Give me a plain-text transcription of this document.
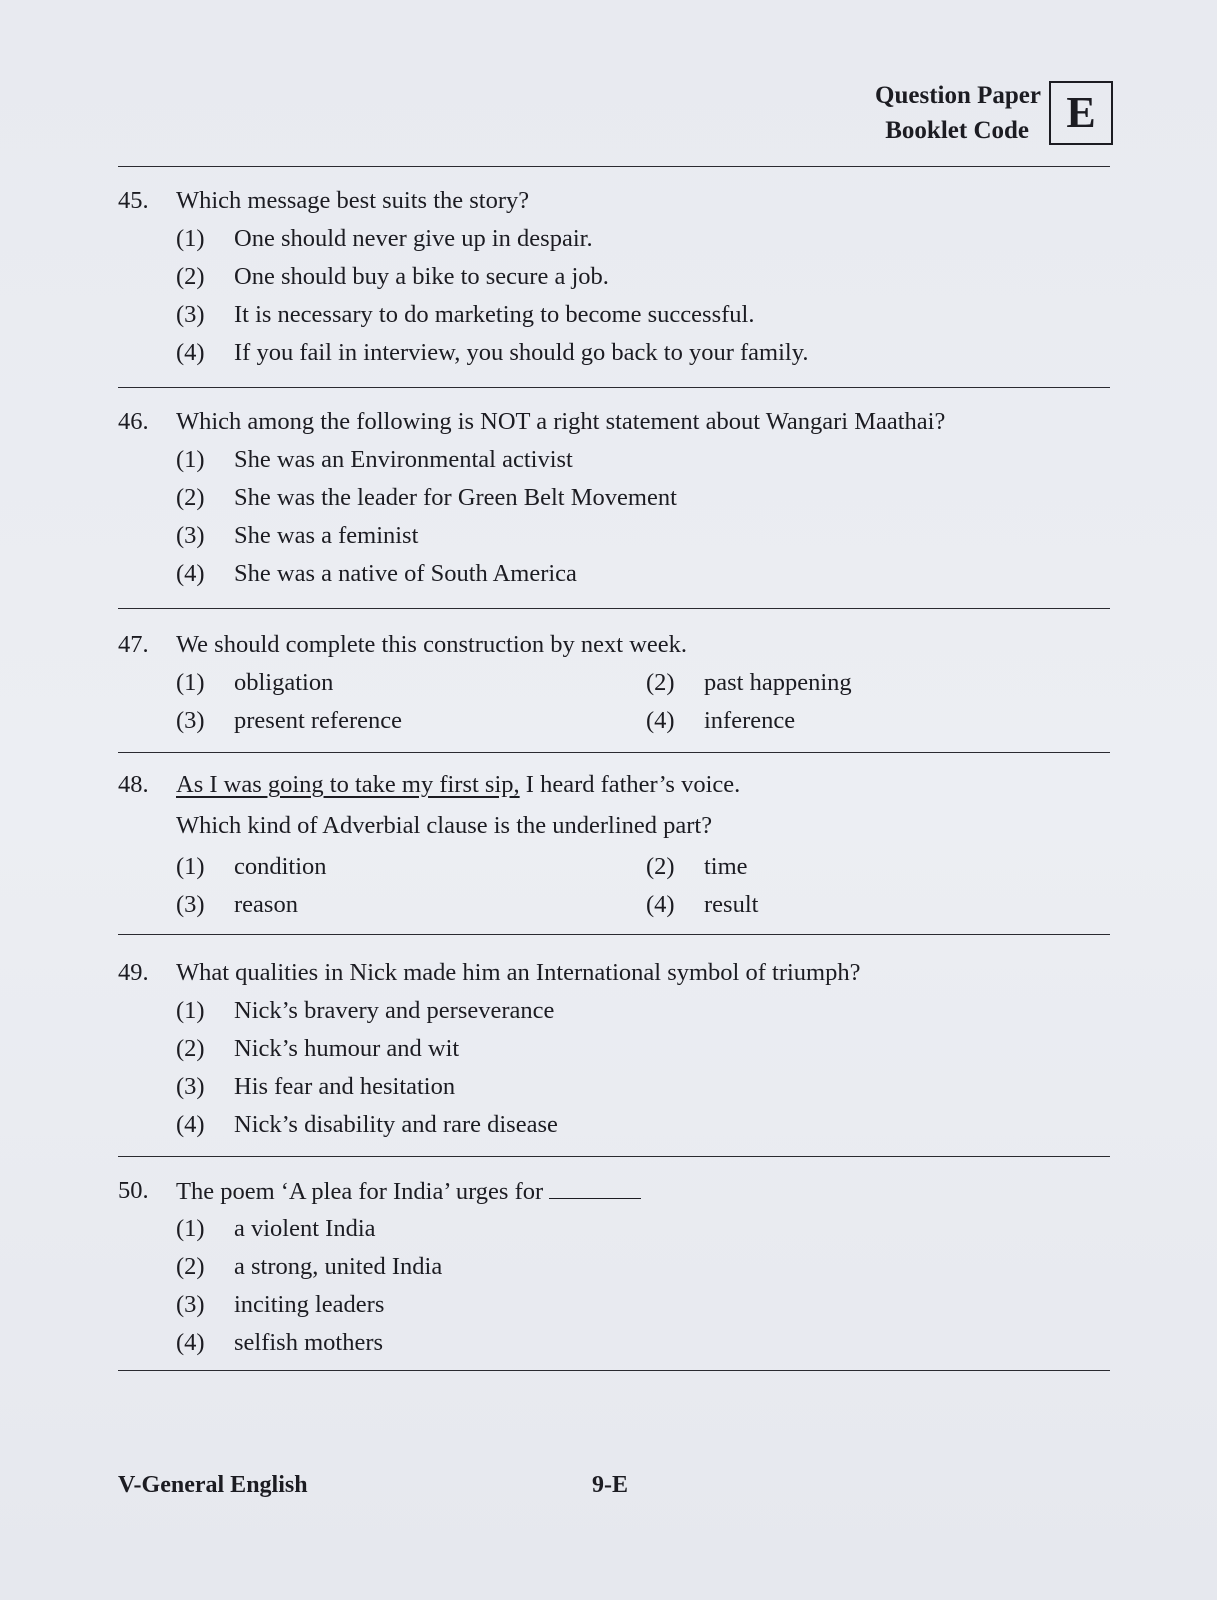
Question Paper
Booklet Code E
45.	Which message best suits the story?
(1)	One should never give up in despair.
(2)	One should buy a bike to secure a job.
(3)	It is necessary to do marketing to become successful.
(4)	If you fail in interview, you should go back to your family.
46.	Which among the following is NOT a right statement about Wangari Maathai?
(1)	She was an Environmental activist
(2)	She was the leader for Green Belt Movement
(3)	She was a feminist
(4)	She was a native of South America
47.	We should complete this construction by next week.
(1)	obligation	(2)	past happening
(3)	present reference	(4)	inference
48.	As I was going to take my first sip, I heard father’s voice.
Which kind of Adverbial clause is the underlined part?
(1)	condition	(2)	time
(3)	reason	(4)	result
49.	What qualities in Nick made him an International symbol of triumph?
(1)	Nick’s bravery and perseverance
(2)	Nick’s humour and wit
(3)	His fear and hesitation
(4)	Nick’s disability and rare disease
50.	The poem ‘A plea for India’ urges for
(1)	a violent India
(2)	a strong, united India
(3)	inciting leaders
(4)	selfish mothers
V-General English	9-E
